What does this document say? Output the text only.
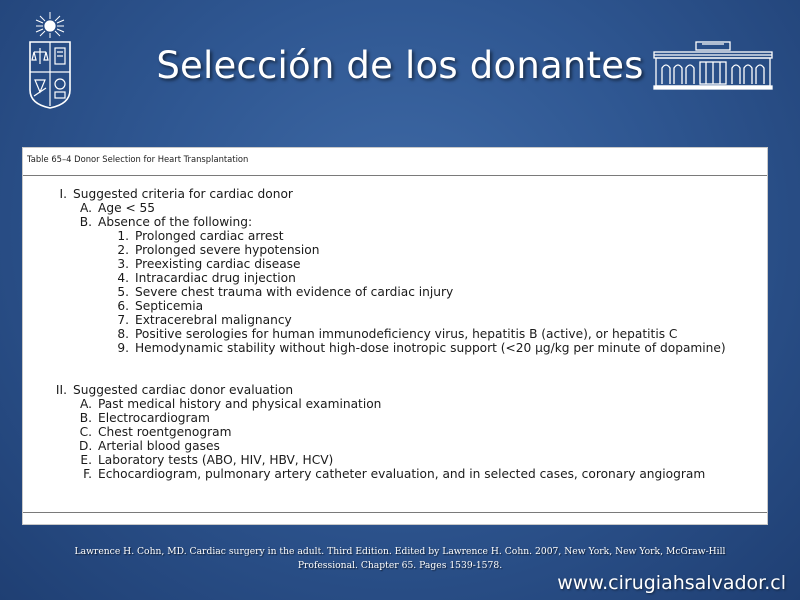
Selección de los donantes
Table 65–4 Donor Selection for Heart Transplantation
I. Suggested criteria for cardiac donor
A. Age < 55
B. Absence of the following:
1. Prolonged cardiac arrest
2. Prolonged severe hypotension
3. Preexisting cardiac disease
4. Intracardiac drug injection
5. Severe chest trauma with evidence of cardiac injury
6. Septicemia
7. Extracerebral malignancy
8. Positive serologies for human immunodeficiency virus, hepatitis B (active), or hepatitis C
9. Hemodynamic stability without high-dose inotropic support (<20 µg/kg per minute of dopamine)
II. Suggested cardiac donor evaluation
A. Past medical history and physical examination
B. Electrocardiogram
C. Chest roentgenogram
D. Arterial blood gases
E. Laboratory tests (ABO, HIV, HBV, HCV)
F. Echocardiogram, pulmonary artery catheter evaluation, and in selected cases, coronary angiogram
Lawrence H. Cohn, MD. Cardiac surgery in the adult. Third Edition. Edited by Lawrence H. Cohn. 2007, New York, New York, McGraw-Hill
Professional. Chapter 65. Pages 1539-1578.
www.cirugiahsalvador.cl
